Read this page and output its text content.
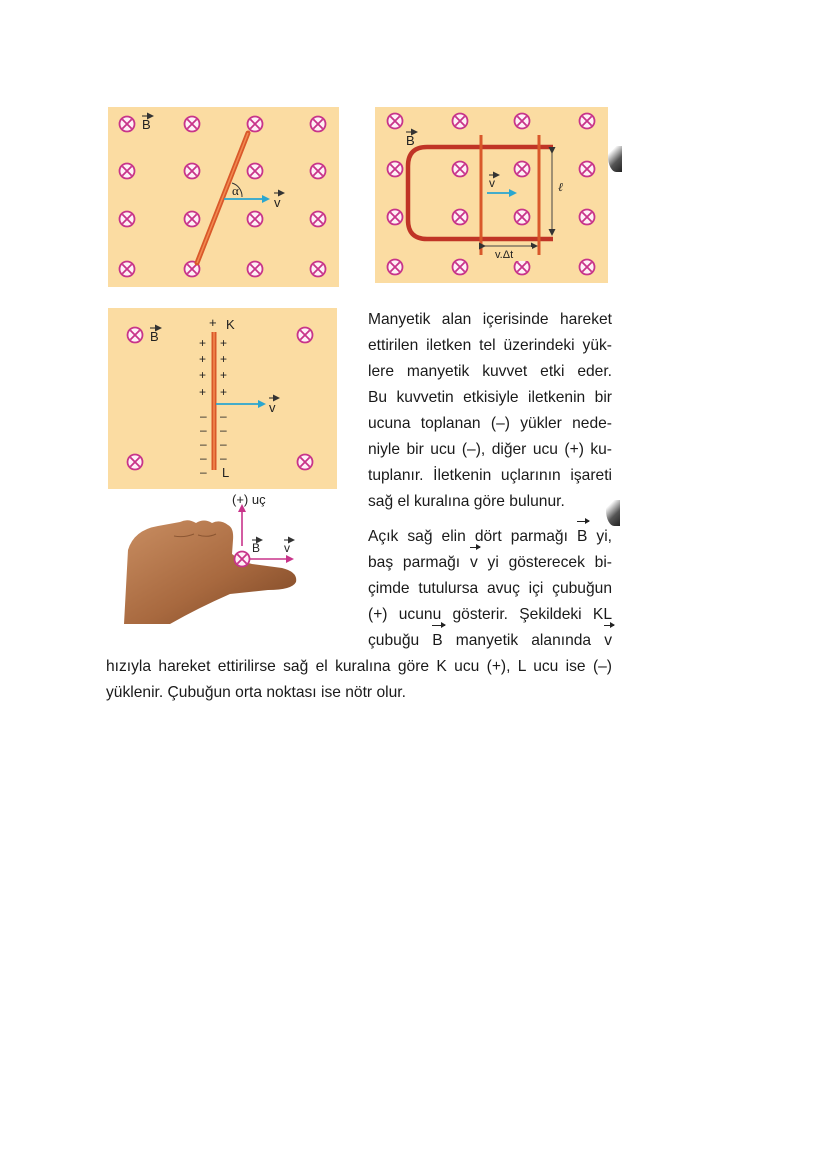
B
α
v
B
v	ℓ
v.Δt
B
+ K
+
+
+
+
+
+
+
+
–
–
–
–
–
–
–
–
– L
v
(+) uç
B v
Manyetik alan içerisinde hareket
ettirilen iletken tel üzerindeki yük-
lere manyetik kuvvet etki eder.
Bu kuvvetin etkisiyle iletkenin bir
ucuna toplanan (–) yükler nede-
niyle bir ucu (–), diğer ucu (+) ku-
tuplanır. İletkenin uçlarının işareti
sağ el kuralına göre bulunur.
Açık sağ elin dört parmağı B yi,
baş parmağı v yi gösterecek bi-
çimde tutulursa avuç içi çubuğun
(+) ucunu gösterir. Şekildeki KL
çubuğu B manyetik alanında v
hızıyla hareket ettirilirse sağ el kuralına göre K ucu (+), L ucu ise (–)
yüklenir. Çubuğun orta noktası ise nötr olur.
